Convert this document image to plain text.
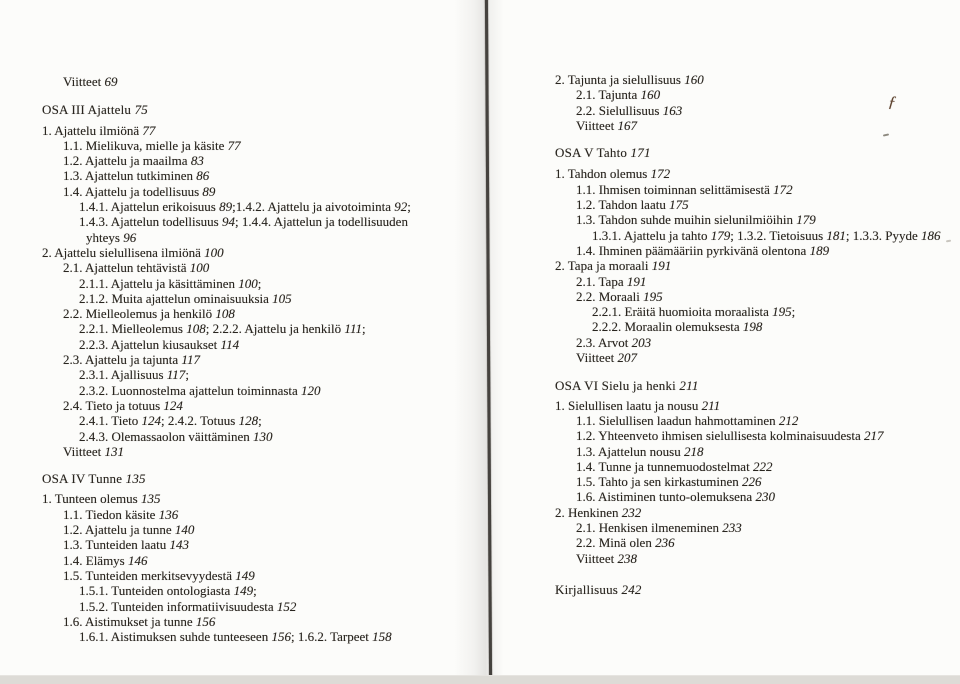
Viitteet 69
OSA III Ajattelu 75
1. Ajattelu ilmiönä 77
1.1. Mielikuva, mielle ja käsite 77
1.2. Ajattelu ja maailma 83
1.3. Ajattelun tutkiminen 86
1.4. Ajattelu ja todellisuus 89
1.4.1. Ajattelun erikoisuus 89;1.4.2. Ajattelu ja aivotoiminta 92;
1.4.3. Ajattelun todellisuus 94; 1.4.4. Ajattelun ja todellisuuden
yhteys 96
2. Ajattelu sielullisena ilmiönä 100
2.1. Ajattelun tehtävistä 100
2.1.1. Ajattelu ja käsittäminen 100;
2.1.2. Muita ajattelun ominaisuuksia 105
2.2. Mielleolemus ja henkilö 108
2.2.1. Mielleolemus 108; 2.2.2. Ajattelu ja henkilö 111;
2.2.3. Ajattelun kiusaukset 114
2.3. Ajattelu ja tajunta 117
2.3.1. Ajallisuus 117;
2.3.2. Luonnostelma ajattelun toiminnasta 120
2.4. Tieto ja totuus 124
2.4.1. Tieto 124; 2.4.2. Totuus 128;
2.4.3. Olemassaolon väittäminen 130
Viitteet 131
OSA IV Tunne 135
1. Tunteen olemus 135
1.1. Tiedon käsite 136
1.2. Ajattelu ja tunne 140
1.3. Tunteiden laatu 143
1.4. Elämys 146
1.5. Tunteiden merkitsevyydestä 149
1.5.1. Tunteiden ontologiasta 149;
1.5.2. Tunteiden informatiivisuudesta 152
1.6. Aistimukset ja tunne 156
1.6.1. Aistimuksen suhde tunteeseen 156; 1.6.2. Tarpeet 158
2. Tajunta ja sielullisuus 160
2.1. Tajunta 160
2.2. Sielullisuus 163
Viitteet 167
OSA V Tahto 171
1. Tahdon olemus 172
1.1. Ihmisen toiminnan selittämisestä 172
1.2. Tahdon laatu 175
1.3. Tahdon suhde muihin sielunilmiöihin 179
1.3.1. Ajattelu ja tahto 179; 1.3.2. Tietoisuus 181; 1.3.3. Pyyde 186
1.4. Ihminen päämääriin pyrkivänä olentona 189
2. Tapa ja moraali 191
2.1. Tapa 191
2.2. Moraali 195
2.2.1. Eräitä huomioita moraalista 195;
2.2.2. Moraalin olemuksesta 198
2.3. Arvot 203
Viitteet 207
OSA VI Sielu ja henki 211
1. Sielullisen laatu ja nousu 211
1.1. Sielullisen laadun hahmottaminen 212
1.2. Yhteenveto ihmisen sielullisesta kolminaisuudesta 217
1.3. Ajattelun nousu 218
1.4. Tunne ja tunnemuodostelmat 222
1.5. Tahto ja sen kirkastuminen 226
1.6. Aistiminen tunto-olemuksena 230
2. Henkinen 232
2.1. Henkisen ilmeneminen 233
2.2. Minä olen 236
Viitteet 238
Kirjallisuus 242
ƒ
